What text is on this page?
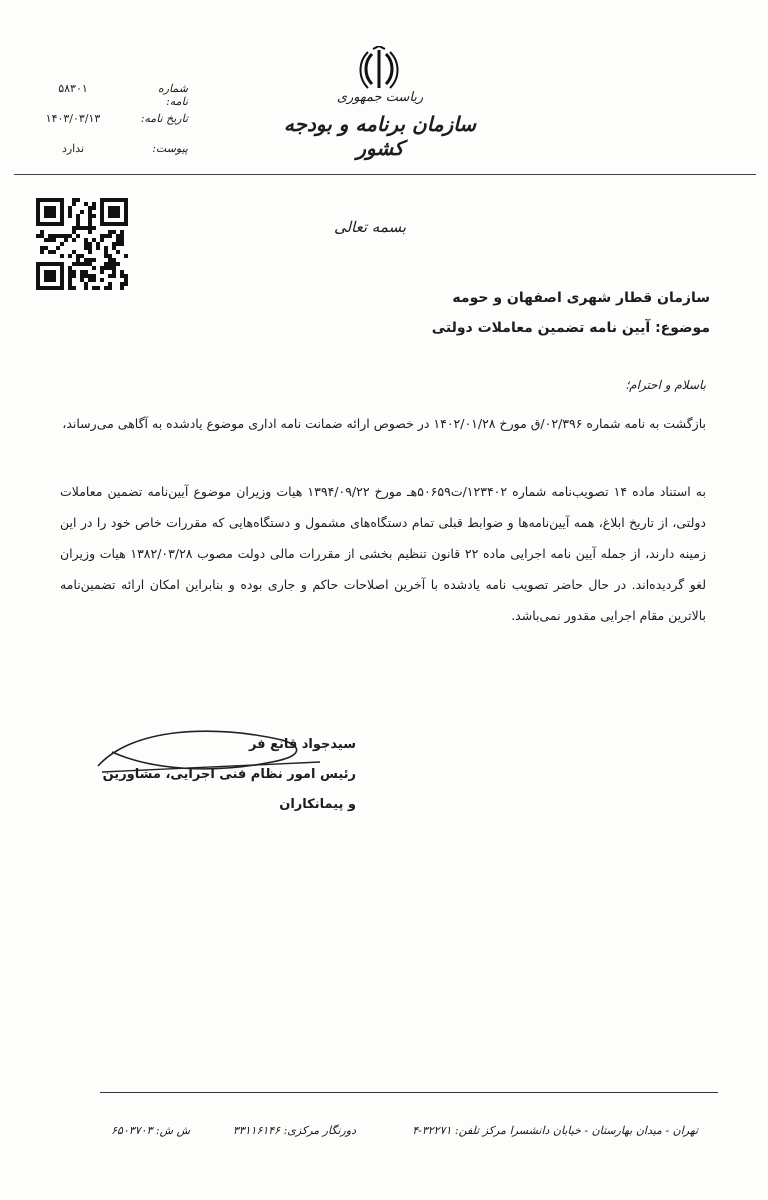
ریاست جمهوری
سازمان برنامه و بودجه کشور
شماره نامه:
۵۸۳۰۱
تاریخ نامه:
۱۴۰۳/۰۳/۱۳
پیوست:
ندارد
بسمه تعالی
سازمان قطار شهری اصفهان و حومه
موضوع: آیین نامه تضمین معاملات دولتی
باسلام و احترام؛
بازگشت به نامه شماره ۰۲/۳۹۶/ق مورخ ۱۴۰۲/۰۱/۲۸ در خصوص ارائه ضمانت نامه اداری موضوع یادشده به آگاهی می‌رساند،
به استناد ماده ۱۴ تصویب‌نامه شماره ۱۲۳۴۰۲/ت۵۰۶۵۹هـ مورخ ۱۳۹۴/۰۹/۲۲ هیات وزیران موضوع آیین‌نامه تضمین معاملات دولتی، از تاریخ ابلاغ، همه آیین‌نامه‌ها و ضوابط قبلی تمام دستگاه‌های مشمول و دستگاه‌هایی که مقررات خاص خود را در این زمینه دارند، از جمله آیین نامه اجرایی ماده ۲۲ قانون تنظیم بخشی از مقررات مالی دولت مصوب ۱۳۸۲/۰۳/۲۸ هیات وزیران لغو گردیده‌اند. در حال حاضر تصویب نامه یادشده با آخرین اصلاحات حاکم و جاری بوده و بنابراین امکان ارائه تضمین‌نامه بالاترین مقام اجرایی مقدور نمی‌باشد.
سیدجواد قانع فر
رئیس امور نظام فنی اجرایی، مشاورین
و پیمانکاران
تهران - میدان بهارستان - خیابان دانشسرا
مرکز تلفن: ۳۲۲۷۱-۴
دورنگار مرکزی: ۳۳۱۱۶۱۴۶
ش ش: ۶۵۰۳۷۰۳
